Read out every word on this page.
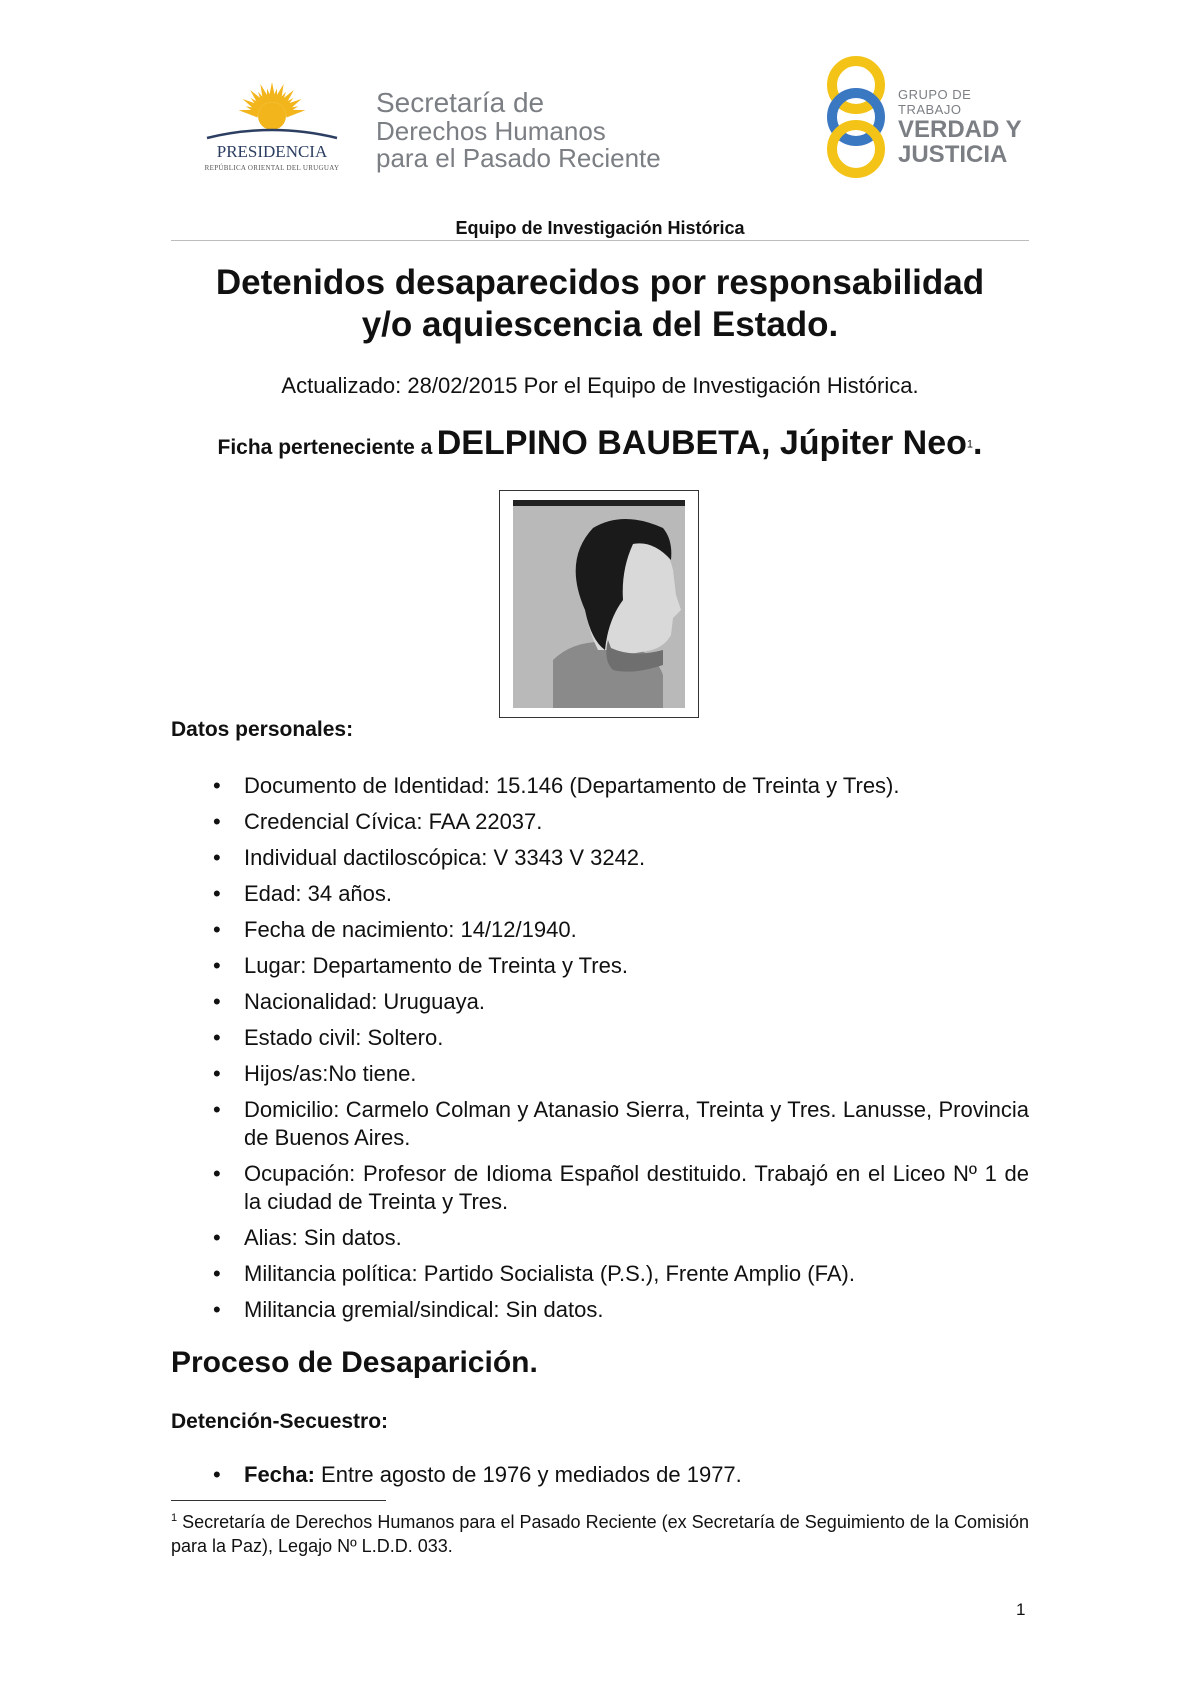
PRESIDENCIA
REPÚBLICA ORIENTAL DEL URUGUAY
Secretaría de
Derechos Humanos
para el Pasado Reciente
GRUPO DE TRABAJO
VERDAD Y
JUSTICIA
Equipo de Investigación Histórica
Detenidos desaparecidos por responsabilidad
y/o aquiescencia del Estado.
Actualizado: 28/02/2015 Por el Equipo de Investigación Histórica.
Ficha perteneciente a DELPINO BAUBETA, Júpiter Neo$^1$.
Datos personales:
• Documento de Identidad: 15.146 (Departamento de Treinta y Tres).
• Credencial Cívica: FAA 22037.
• Individual dactiloscópica: V 3343 V 3242.
• Edad: 34 años.
• Fecha de nacimiento: 14/12/1940.
• Lugar: Departamento de Treinta y Tres.
• Nacionalidad: Uruguaya.
• Estado civil: Soltero.
• Hijos/as:No tiene.
• Domicilio: Carmelo Colman y Atanasio Sierra, Treinta y Tres. Lanusse, Provincia de Buenos Aires.
• Ocupación: Profesor de Idioma Español destituido. Trabajó en el Liceo Nº 1 de la ciudad de Treinta y Tres.
• Alias: Sin datos.
• Militancia política: Partido Socialista (P.S.), Frente Amplio (FA).
• Militancia gremial/sindical: Sin datos.
Proceso de Desaparición.
Detención-Secuestro:
• Fecha: Entre agosto de 1976 y mediados de 1977.
$^1$ Secretaría de Derechos Humanos para el Pasado Reciente (ex Secretaría de Seguimiento de la Comisión para la Paz), Legajo Nº L.D.D. 033.
1
